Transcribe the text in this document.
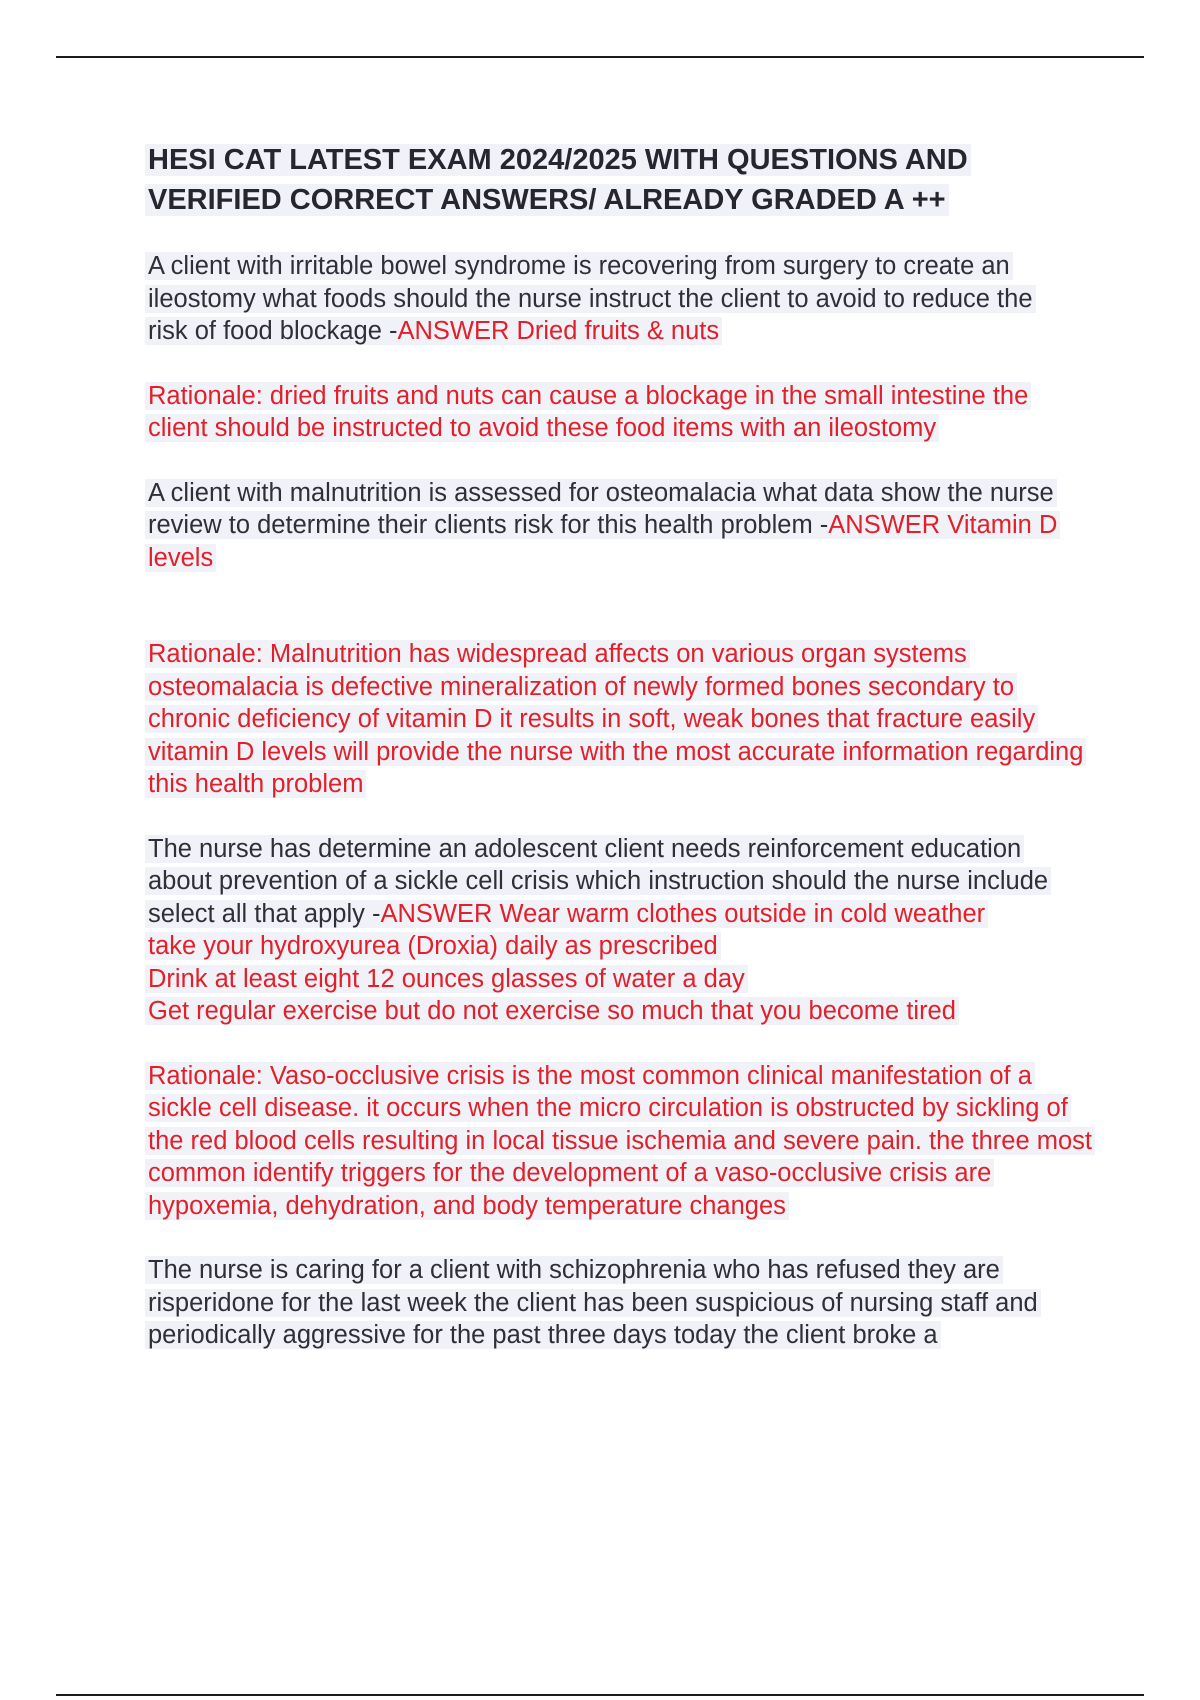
HESI CAT LATEST EXAM 2024/2025 WITH QUESTIONS AND VERIFIED CORRECT ANSWERS/ ALREADY GRADED A ++

A client with irritable bowel syndrome is recovering from surgery to create an ileostomy what foods should the nurse instruct the client to avoid to reduce the risk of food blockage -ANSWER Dried fruits & nuts

Rationale: dried fruits and nuts can cause a blockage in the small intestine the client should be instructed to avoid these food items with an ileostomy

A client with malnutrition is assessed for osteomalacia what data show the nurse review to determine their clients risk for this health problem -ANSWER Vitamin D levels

Rationale: Malnutrition has widespread affects on various organ systems osteomalacia is defective mineralization of newly formed bones secondary to chronic deficiency of vitamin D it results in soft, weak bones that fracture easily vitamin D levels will provide the nurse with the most accurate information regarding this health problem

The nurse has determine an adolescent client needs reinforcement education about prevention of a sickle cell crisis which instruction should the nurse include select all that apply -ANSWER Wear warm clothes outside in cold weather
take your hydroxyurea (Droxia) daily as prescribed
Drink at least eight 12 ounces glasses of water a day
Get regular exercise but do not exercise so much that you become tired

Rationale: Vaso-occlusive crisis is the most common clinical manifestation of a sickle cell disease. it occurs when the micro circulation is obstructed by sickling of the red blood cells resulting in local tissue ischemia and severe pain. the three most common identify triggers for the development of a vaso-occlusive crisis are hypoxemia, dehydration, and body temperature changes

The nurse is caring for a client with schizophrenia who has refused they are risperidone for the last week the client has been suspicious of nursing staff and periodically aggressive for the past three days today the client broke a
